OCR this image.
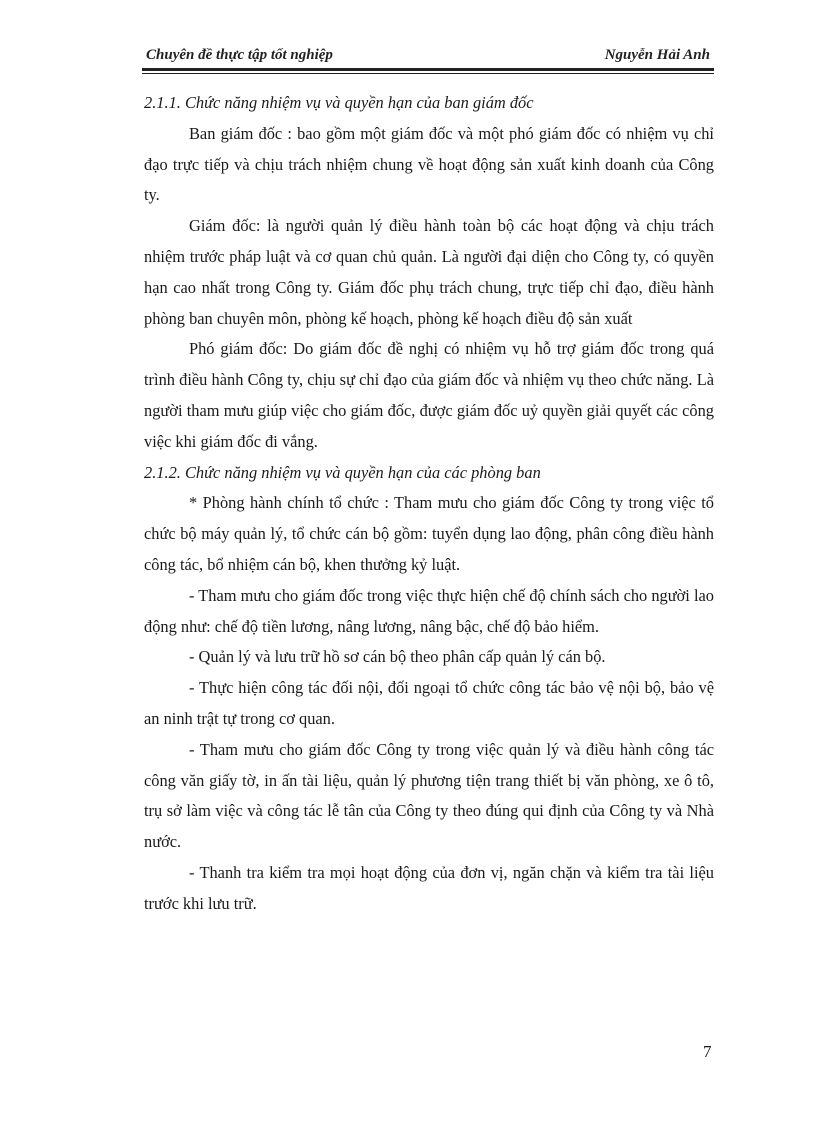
Chuyên đề thực tập tốt nghiệp	Nguyễn Hải Anh

2.1.1. Chức năng nhiệm vụ và quyền hạn của ban giám đốc

Ban giám đốc : bao gồm một giám đốc và một phó giám đốc có nhiệm vụ chỉ đạo trực tiếp và chịu trách nhiệm chung về hoạt động sản xuất kinh doanh của Công ty.

Giám đốc: là người quản lý điều hành toàn bộ các hoạt động và chịu trách nhiệm trước pháp luật và cơ quan chủ quản. Là người đại diện cho Công ty, có quyền hạn cao nhất trong Công ty. Giám đốc phụ trách chung, trực tiếp chỉ đạo, điều hành phòng ban chuyên môn, phòng kế hoạch, phòng kế hoạch điều độ sản xuất

Phó giám đốc: Do giám đốc đề nghị có nhiệm vụ hỗ trợ giám đốc trong quá trình điều hành Công ty, chịu sự chỉ đạo của giám đốc và nhiệm vụ theo chức năng. Là người tham mưu giúp việc cho giám đốc, được giám đốc uỷ quyền giải quyết các công việc khi giám đốc đi vắng.

2.1.2. Chức năng nhiệm vụ và quyền hạn của các phòng ban

* Phòng hành chính tổ chức : Tham mưu cho giám đốc Công ty trong việc tổ chức bộ máy quản lý, tổ chức cán bộ gồm: tuyển dụng lao động, phân công điều hành công tác, bổ nhiệm cán bộ, khen thưởng kỷ luật.

- Tham mưu cho giám đốc trong việc thực hiện chế độ chính sách cho người lao động như: chế độ tiền lương, nâng lương, nâng bậc, chế độ bảo hiểm.

- Quản lý và lưu trữ hồ sơ cán bộ theo phân cấp quản lý cán bộ.

- Thực hiện công tác đối nội, đối ngoại tổ chức công tác bảo vệ nội bộ, bảo vệ an ninh trật tự trong cơ quan.

- Tham mưu cho giám đốc Công ty trong việc quản lý và điều hành công tác công văn giấy tờ, in ấn tài liệu, quản lý phương tiện trang thiết bị văn phòng, xe ô tô, trụ sở làm việc và công tác lễ tân của Công ty theo đúng qui định của Công ty và Nhà nước.

- Thanh tra kiểm tra mọi hoạt động của đơn vị, ngăn chặn và kiểm tra tài liệu trước khi lưu trữ.

7
